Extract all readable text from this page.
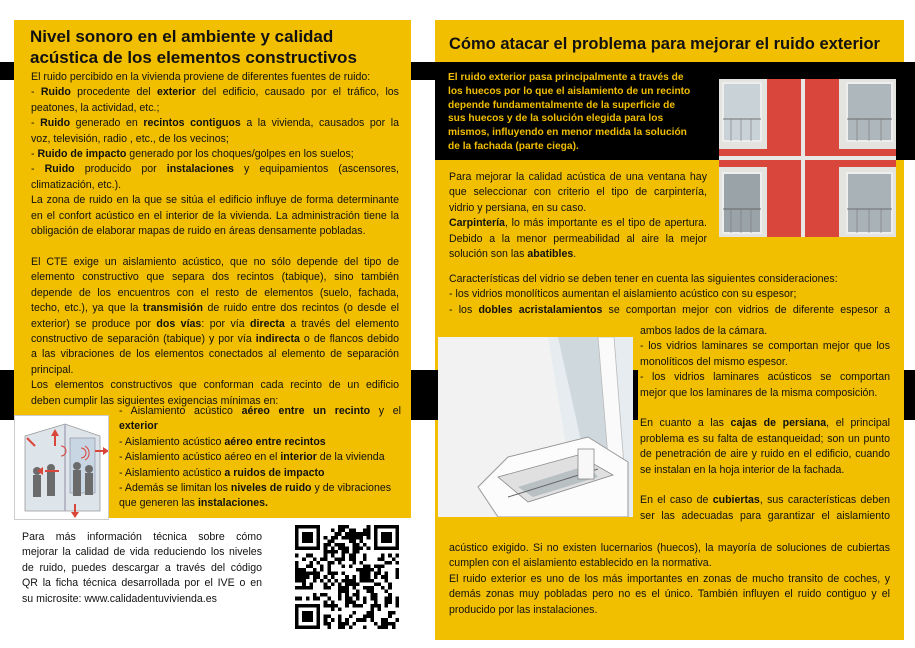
Nivel sonoro en el ambiente y calidad acústica de los elementos constructivos
El ruido percibido en la vivienda proviene de diferentes fuentes de ruido:
- Ruido procedente del exterior del edificio, causado por el tráfico, los
peatones, la actividad, etc.;
- Ruido generado en recintos contiguos a la vivienda, causados por la
voz, televisión, radio , etc., de los vecinos;
- Ruido de impacto generado por los choques/golpes en los suelos;
- Ruido producido por instalaciones y equipamientos (ascensores,
climatización, etc.).
La zona de ruido en la que se sitúa el edificio influye de forma determinante
en el confort acústico en el interior de la vivienda. La administración tiene la
obligación de elaborar mapas de ruido en áreas densamente pobladas.

El CTE exige un aislamiento acústico, que no sólo depende del tipo de
elemento constructivo que separa dos recintos (tabique), sino también
depende de los encuentros con el resto de elementos (suelo, fachada,
techo, etc.), ya que la transmisión de ruido entre dos recintos (o desde el
exterior) se produce por dos vías: por vía directa a través del elemento
constructivo de separación (tabique) y por vía indirecta o de flancos debido
a las vibraciones de los elementos conectados al elemento de separación
principal.
Los elementos constructivos que conforman cada recinto de un edificio
deben cumplir las siguientes exigencias mínimas en:
- Aislamiento acústico aéreo entre un recinto y el
exterior
- Aislamiento acústico aéreo entre recintos
- Aislamiento acústico aéreo en el interior de la vivienda
- Aislamiento acústico a ruidos de impacto
- Además se limitan los niveles de ruido y de vibraciones
que generen las instalaciones.
Para más información técnica sobre cómo
mejorar la calidad de vida reduciendo los niveles
de ruido, puedes descargar a través del código
QR la ficha técnica desarrollada por el IVE o en
su microsite: www.calidadentuvivienda.es
Cómo atacar el problema para mejorar el ruido exterior
El ruido exterior pasa principalmente a través de
los huecos por lo que el aislamiento de un recinto
depende fundamentalmente de la superficie de
sus huecos y de la solución elegida para los
mismos, influyendo en menor medida la solución
de la fachada (parte ciega).
Para mejorar la calidad acústica de una ventana hay
que seleccionar con criterio el tipo de carpintería,
vidrio y persiana, en su caso.
Carpintería, lo más importante es el tipo de apertura.
Debido a la menor permeabilidad al aire la mejor
solución son las abatibles.
Características del vidrio se deben tener en cuenta las siguientes consideraciones:
- los vidrios monolíticos aumentan el aislamiento acústico con su espesor;
- los dobles acristalamientos se comportan mejor con vidrios de diferente espesor a
ambos lados de la cámara.
- los vidrios laminares se comportan mejor que los
monolíticos del mismo espesor.
- los vidrios laminares acústicos se comportan
mejor que los laminares de la misma composición.

En cuanto a las cajas de persiana, el principal
problema es su falta de estanqueidad; son un punto
de penetración de aire y ruido en el edificio, cuando
se instalan en la hoja interior de la fachada.

En el caso de cubiertas, sus características deben
ser las adecuadas para garantizar el aislamiento
acústico exigido. Si no existen lucernarios (huecos), la mayoría de soluciones de cubiertas
cumplen con el aislamiento establecido en la normativa.
El ruido exterior es uno de los más importantes en zonas de mucho transito de coches, y
demás zonas muy pobladas pero no es el único. También influyen el ruido contiguo y el
producido por las instalaciones.
